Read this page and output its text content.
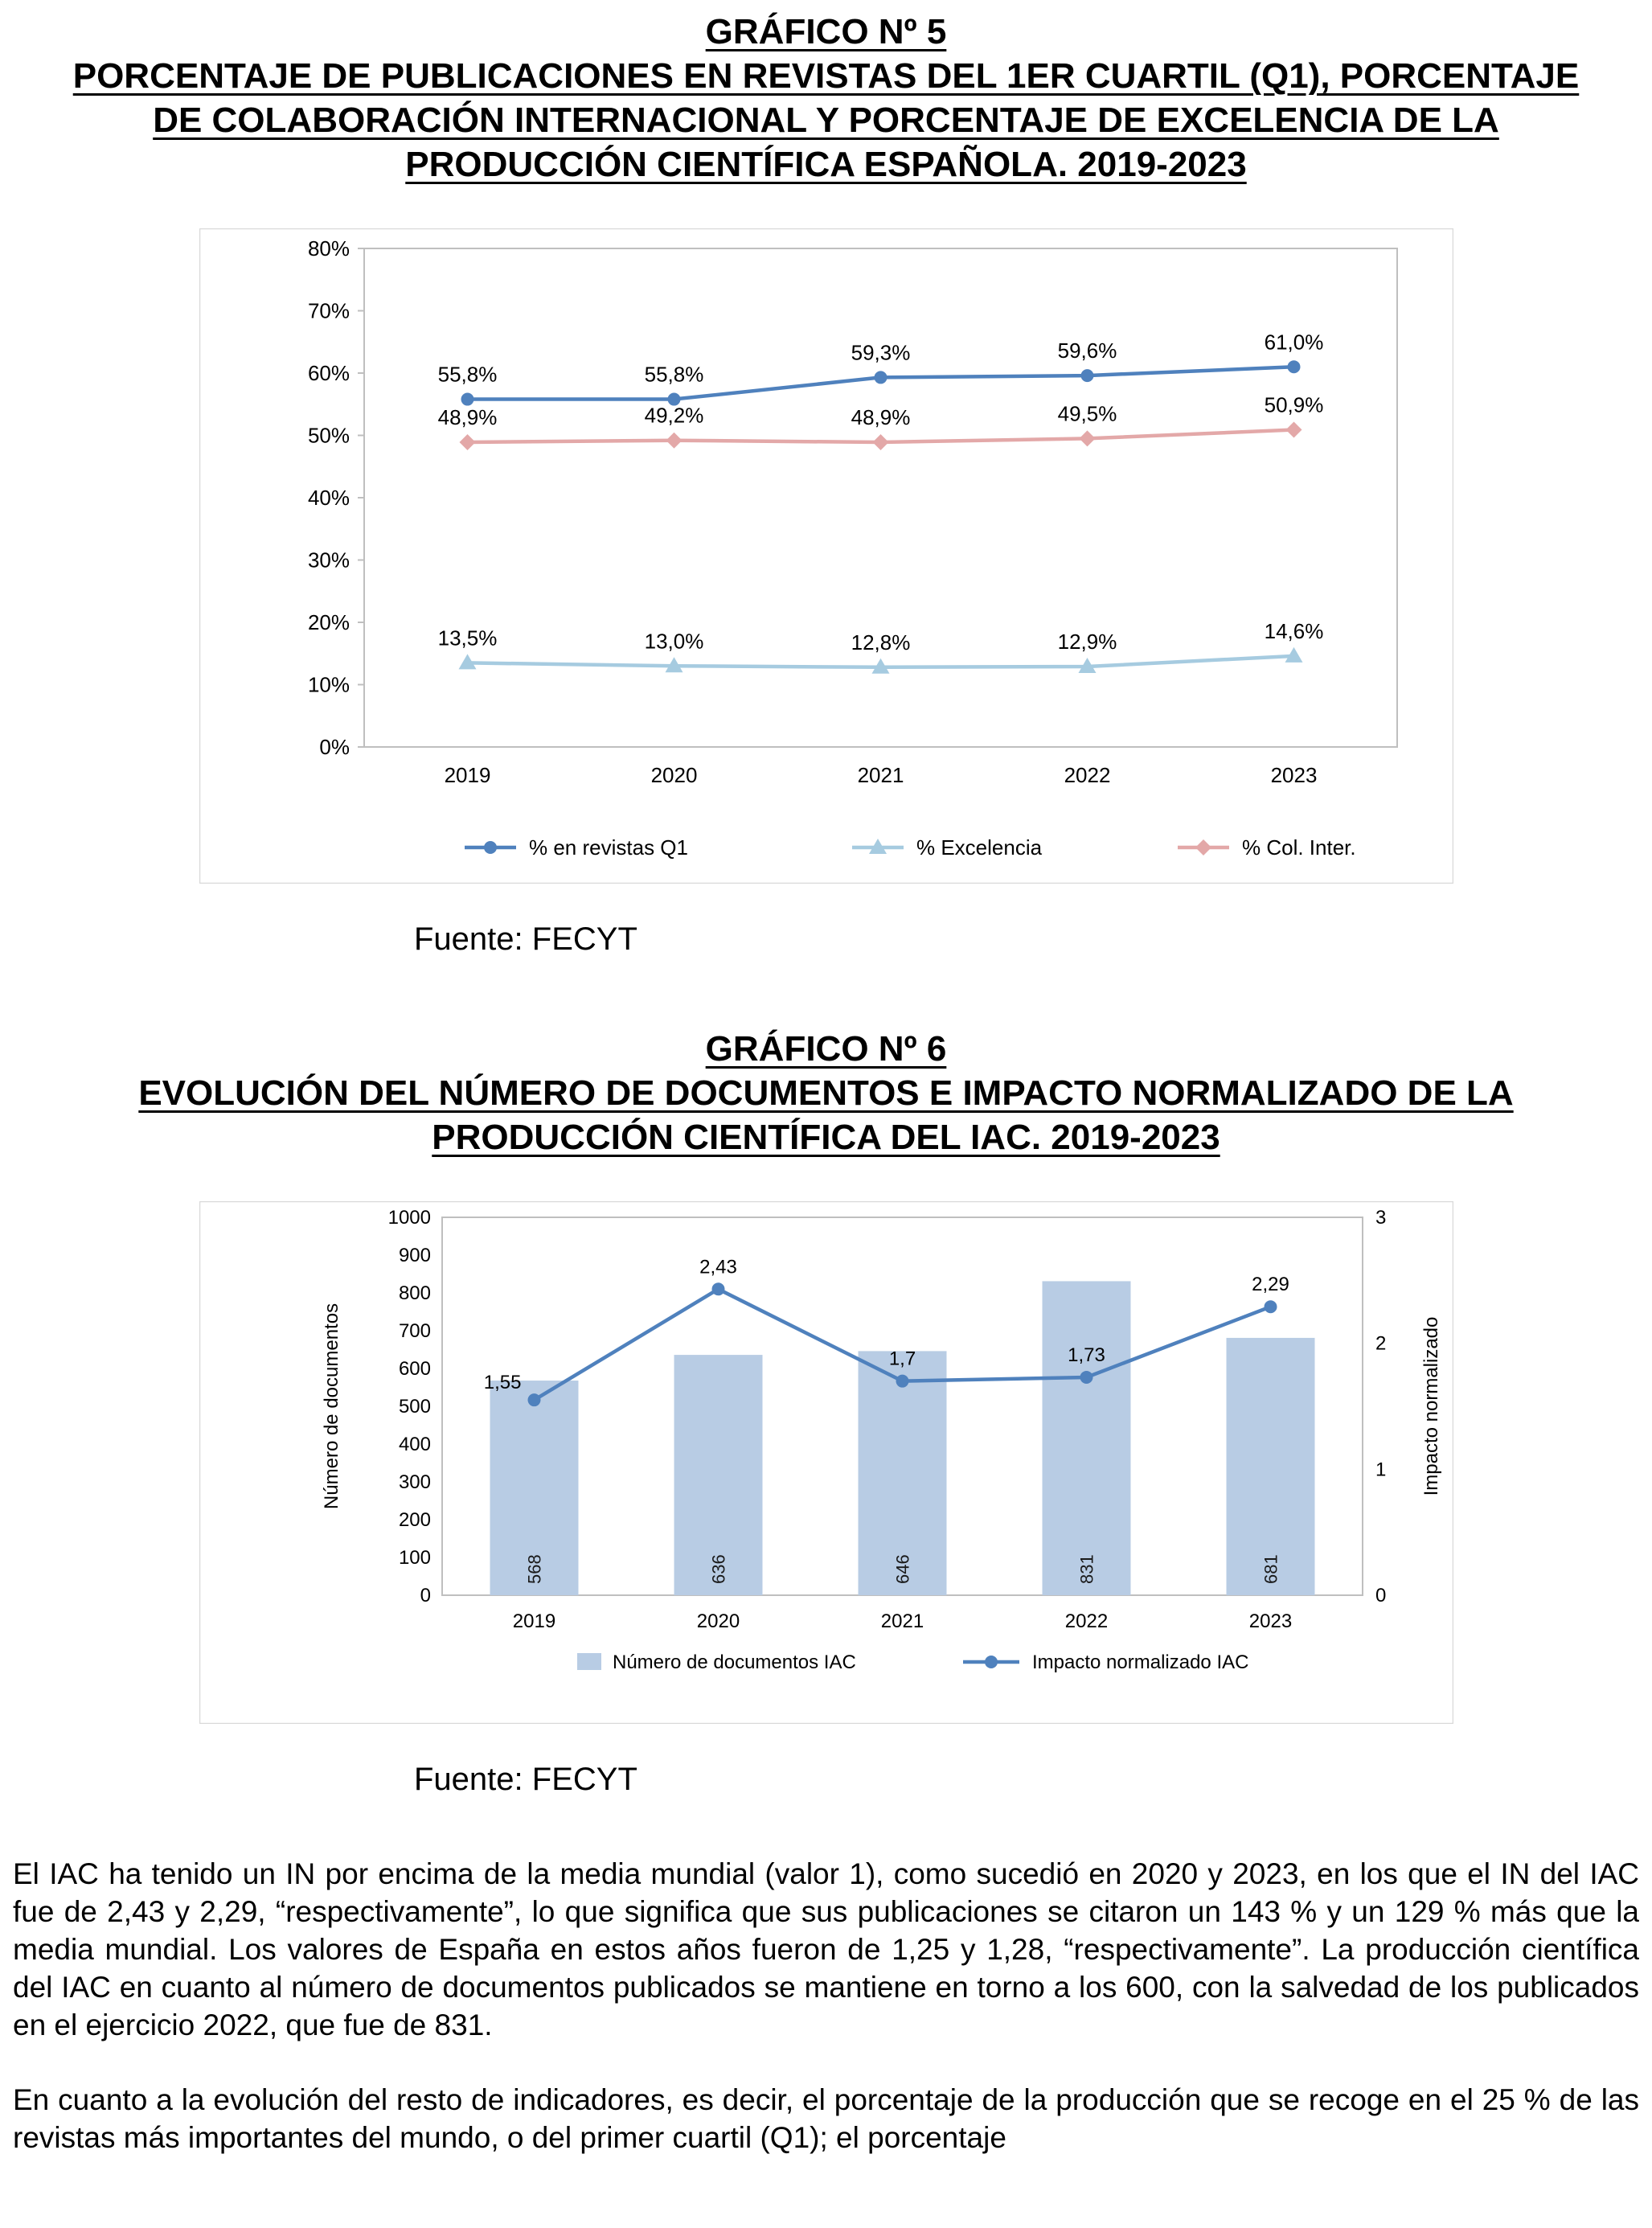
GRÁFICO Nº 5
PORCENTAJE DE PUBLICACIONES EN REVISTAS DEL 1ER CUARTIL (Q1), PORCENTAJE
DE COLABORACIÓN INTERNACIONAL Y PORCENTAJE DE EXCELENCIA DE LA
PRODUCCIÓN CIENTÍFICA ESPAÑOLA. 2019-2023
0%
10%
20%
30%
40%
50%
60%
70%
80%
2019	2020	2021	2022	2023
55,8%	55,8%
59,3%	59,6%	61,0%
13,5%	13,0%	12,8%	12,9%	14,6%
48,9%	49,2%	48,9%	49,5%	50,9%
% en revistas Q1	% Excelencia	% Col. Inter.
Fuente: FECYT
GRÁFICO Nº 6
EVOLUCIÓN DEL NÚMERO DE DOCUMENTOS E IMPACTO NORMALIZADO DE LA
PRODUCCIÓN CIENTÍFICA DEL IAC. 2019-2023
0
100
200
300
400
500
600
700
800
900
1000
0
1
2
3
568	636	646	831	681
2019	2020	2021	2022	2023
1,55
2,43
1,7	1,73
2,29
Número de documentos	Impacto normalizado
Número de documentos IAC	Impacto normalizado IAC
Fuente: FECYT

El IAC ha tenido un IN por encima de la media mundial (valor 1), como sucedió en 2020 y 2023, en los que el IN del IAC fue de 2,43 y 2,29, “respectivamente”, lo que significa que sus publicaciones se citaron un 143 % y un 129 % más que la media mundial. Los valores de España en estos años fueron de 1,25 y 1,28, “respectivamente”. La producción científica del IAC en cuanto al número de documentos publicados se mantiene en torno a los 600, con la salvedad de los publicados en el ejercicio 2022, que fue de 831.

En cuanto a la evolución del resto de indicadores, es decir, el porcentaje de la producción que se recoge en el 25 % de las revistas más importantes del mundo, o del primer cuartil (Q1); el porcentaje
